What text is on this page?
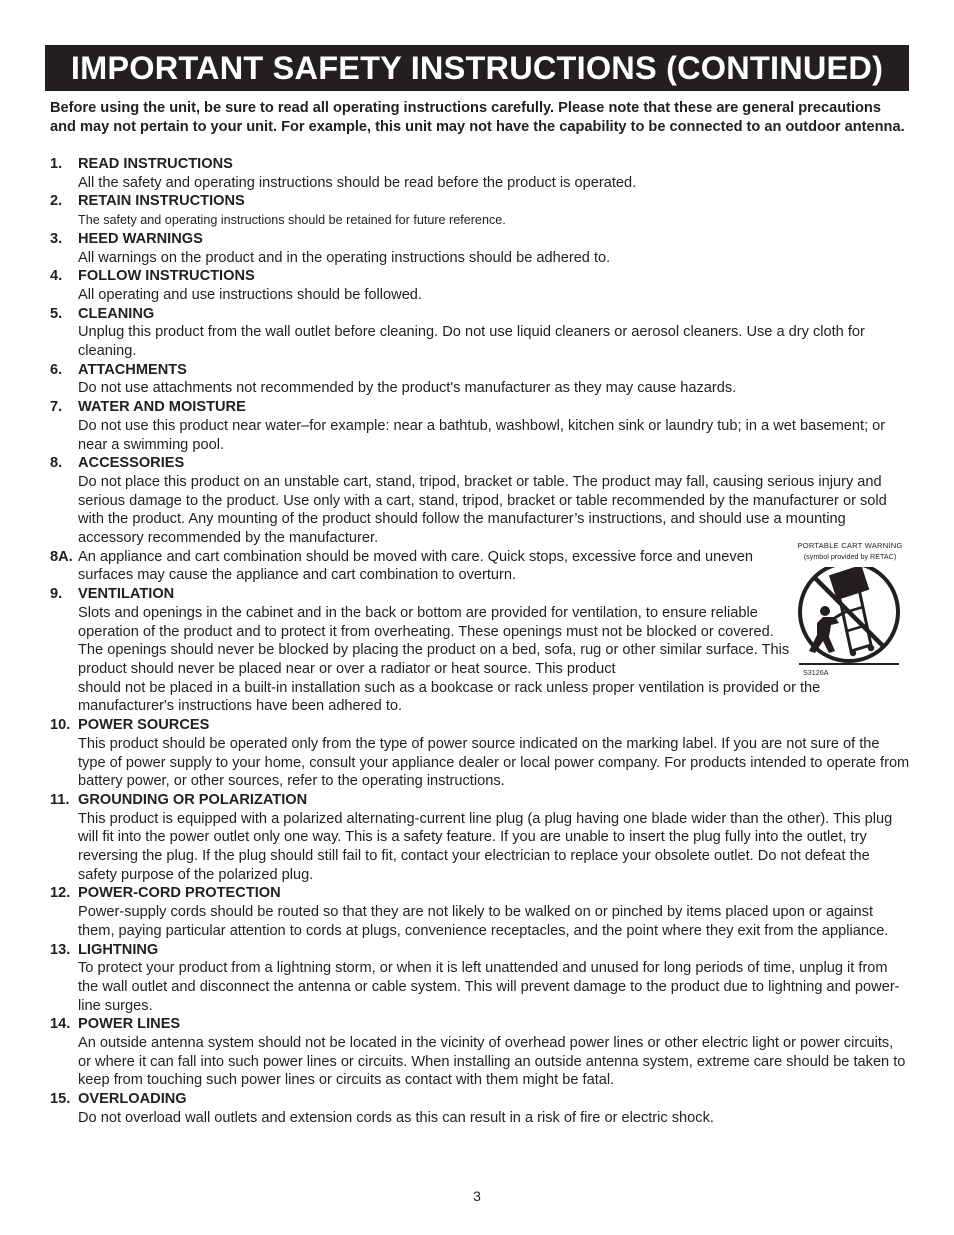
IMPORTANT SAFETY INSTRUCTIONS (CONTINUED)
Before using the unit, be sure to read all operating instructions carefully. Please note that these are general precautions and may not pertain to your unit. For example, this unit may not have the capability to be connected to an outdoor antenna.
1.	READ INSTRUCTIONS
All the safety and operating instructions should be read before the product is operated.
2.	RETAIN INSTRUCTIONS
The safety and operating instructions should be retained for future reference.
3.	HEED WARNINGS
All warnings on the product and in the operating instructions should be adhered to.
4.	FOLLOW INSTRUCTIONS
All operating and use instructions should be followed.
5.	CLEANING
Unplug this product from the wall outlet before cleaning. Do not use liquid cleaners or aerosol cleaners. Use a dry cloth for cleaning.
6.	ATTACHMENTS
Do not use attachments not recommended by the product's manufacturer as they may cause hazards.
7.	WATER AND MOISTURE
Do not use this product near water–for example: near a bathtub, washbowl, kitchen sink or laundry tub; in a wet basement; or near a swimming pool.
8.	ACCESSORIES
Do not place this product on an unstable cart, stand, tripod, bracket or table. The product may fall, causing serious injury and serious damage to the product. Use only with a cart, stand, tripod, bracket or table recommended by the manufacturer or sold with the product. Any mounting of the product should follow the manufacturer’s instructions, and should use a mounting accessory recommended by the manufacturer.
8A. An appliance and cart combination should be moved with care. Quick stops, excessive force and uneven surfaces may cause the appliance and cart combination to overturn.
9.	VENTILATION
Slots and openings in the cabinet and in the back or bottom are provided for ventilation, to ensure reliable operation of the product and to protect it from overheating. These openings must not be blocked or covered. The openings should never be blocked by placing the product on a bed, sofa, rug or other similar surface. This product should never be placed near or over a radiator or heat source. This product
should not be placed in a built-in installation such as a bookcase or rack unless proper ventilation is provided or the manufacturer's instructions have been adhered to.
10. POWER SOURCES
This product should be operated only from the type of power source indicated on the marking label. If you are not sure of the type of power supply to your home, consult your appliance dealer or local power company. For products intended to operate from battery power, or other sources, refer to the operating instructions.
11. GROUNDING OR POLARIZATION
This product is equipped with a polarized alternating-current line plug (a plug having one blade wider than the other). This plug will fit into the power outlet only one way. This is a safety feature. If you are unable to insert the plug fully into the outlet, try reversing the plug. If the plug should still fail to fit, contact your electrician to replace your obsolete outlet. Do not defeat the safety purpose of the polarized plug.
12. POWER-CORD PROTECTION
Power-supply cords should be routed so that they are not likely to be walked on or pinched by items placed upon or against them, paying particular attention to cords at plugs, convenience receptacles, and the point where they exit from the appliance.
13. LIGHTNING
To protect your product from a lightning storm, or when it is left unattended and unused for long periods of time, unplug it from the wall outlet and disconnect the antenna or cable system. This will prevent damage to the product due to lightning and power-line surges.
14. POWER LINES
An outside antenna system should not be located in the vicinity of overhead power lines or other electric light or power circuits, or where it can fall into such power lines or circuits. When installing an outside antenna system, extreme care should be taken to keep from touching such power lines or circuits as contact with them might be fatal.
15. OVERLOADING
Do not overload wall outlets and extension cords as this can result in a risk of fire or electric shock.
PORTABLE CART WARNING
(symbol provided by RETAC)
S3126A
3
